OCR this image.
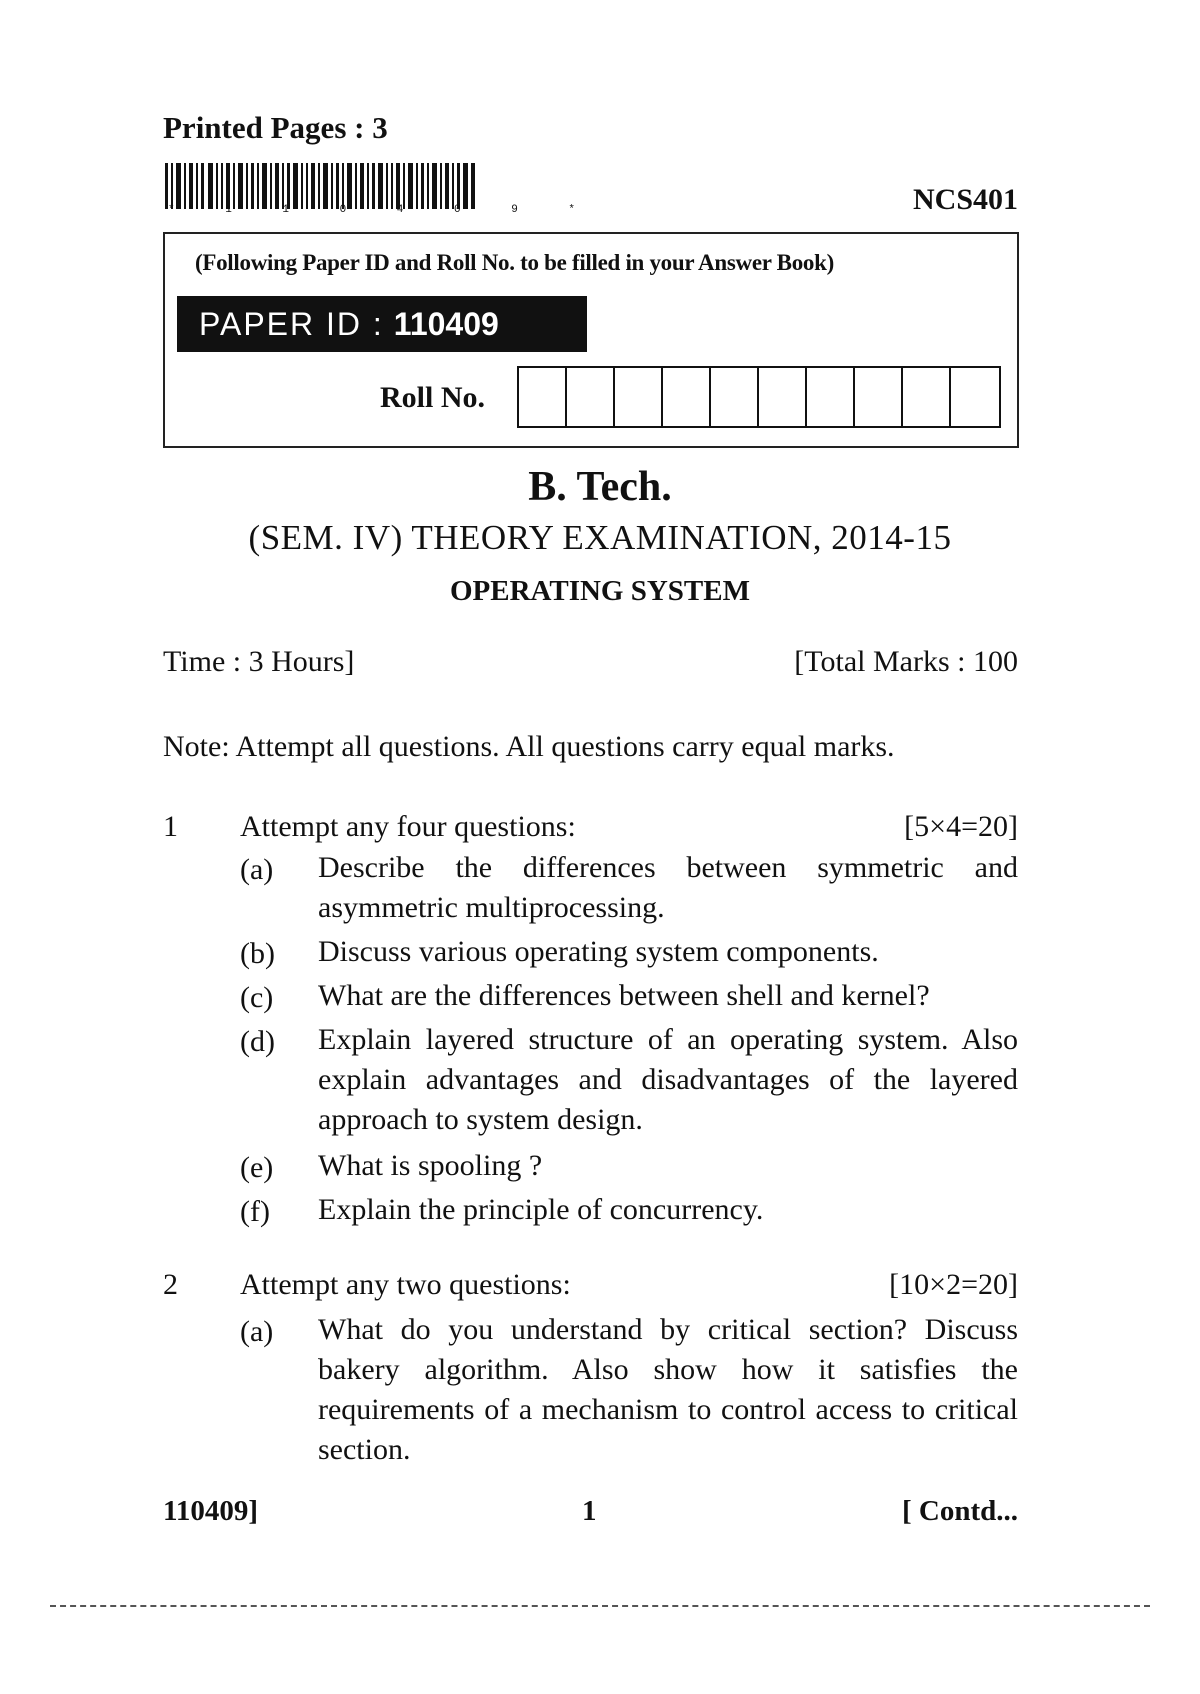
Printed Pages : 3
* 1 1 0 4 0 9 *	NCS401
(Following Paper ID and Roll No. to be filled in your Answer Book)
PAPER ID : 110409
Roll No.
B. Tech.
(SEM. IV) THEORY EXAMINATION, 2014-15
OPERATING SYSTEM
Time : 3 Hours]	[Total Marks : 100
Note: Attempt all questions. All questions carry equal marks.
1 Attempt any four questions:	[5×4=20]
(a) Describe the differences between symmetric and asymmetric multiprocessing.
(b) Discuss various operating system components.
(c) What are the differences between shell and kernel?
(d) Explain layered structure of an operating system. Also explain advantages and disadvantages of the layered approach to system design.
(e) What is spooling ?
(f) Explain the principle of concurrency.
2 Attempt any two questions:	[10×2=20]
(a) What do you understand by critical section? Discuss bakery algorithm. Also show how it satisfies the requirements of a mechanism to control access to critical section.
110409]	1	[ Contd...
